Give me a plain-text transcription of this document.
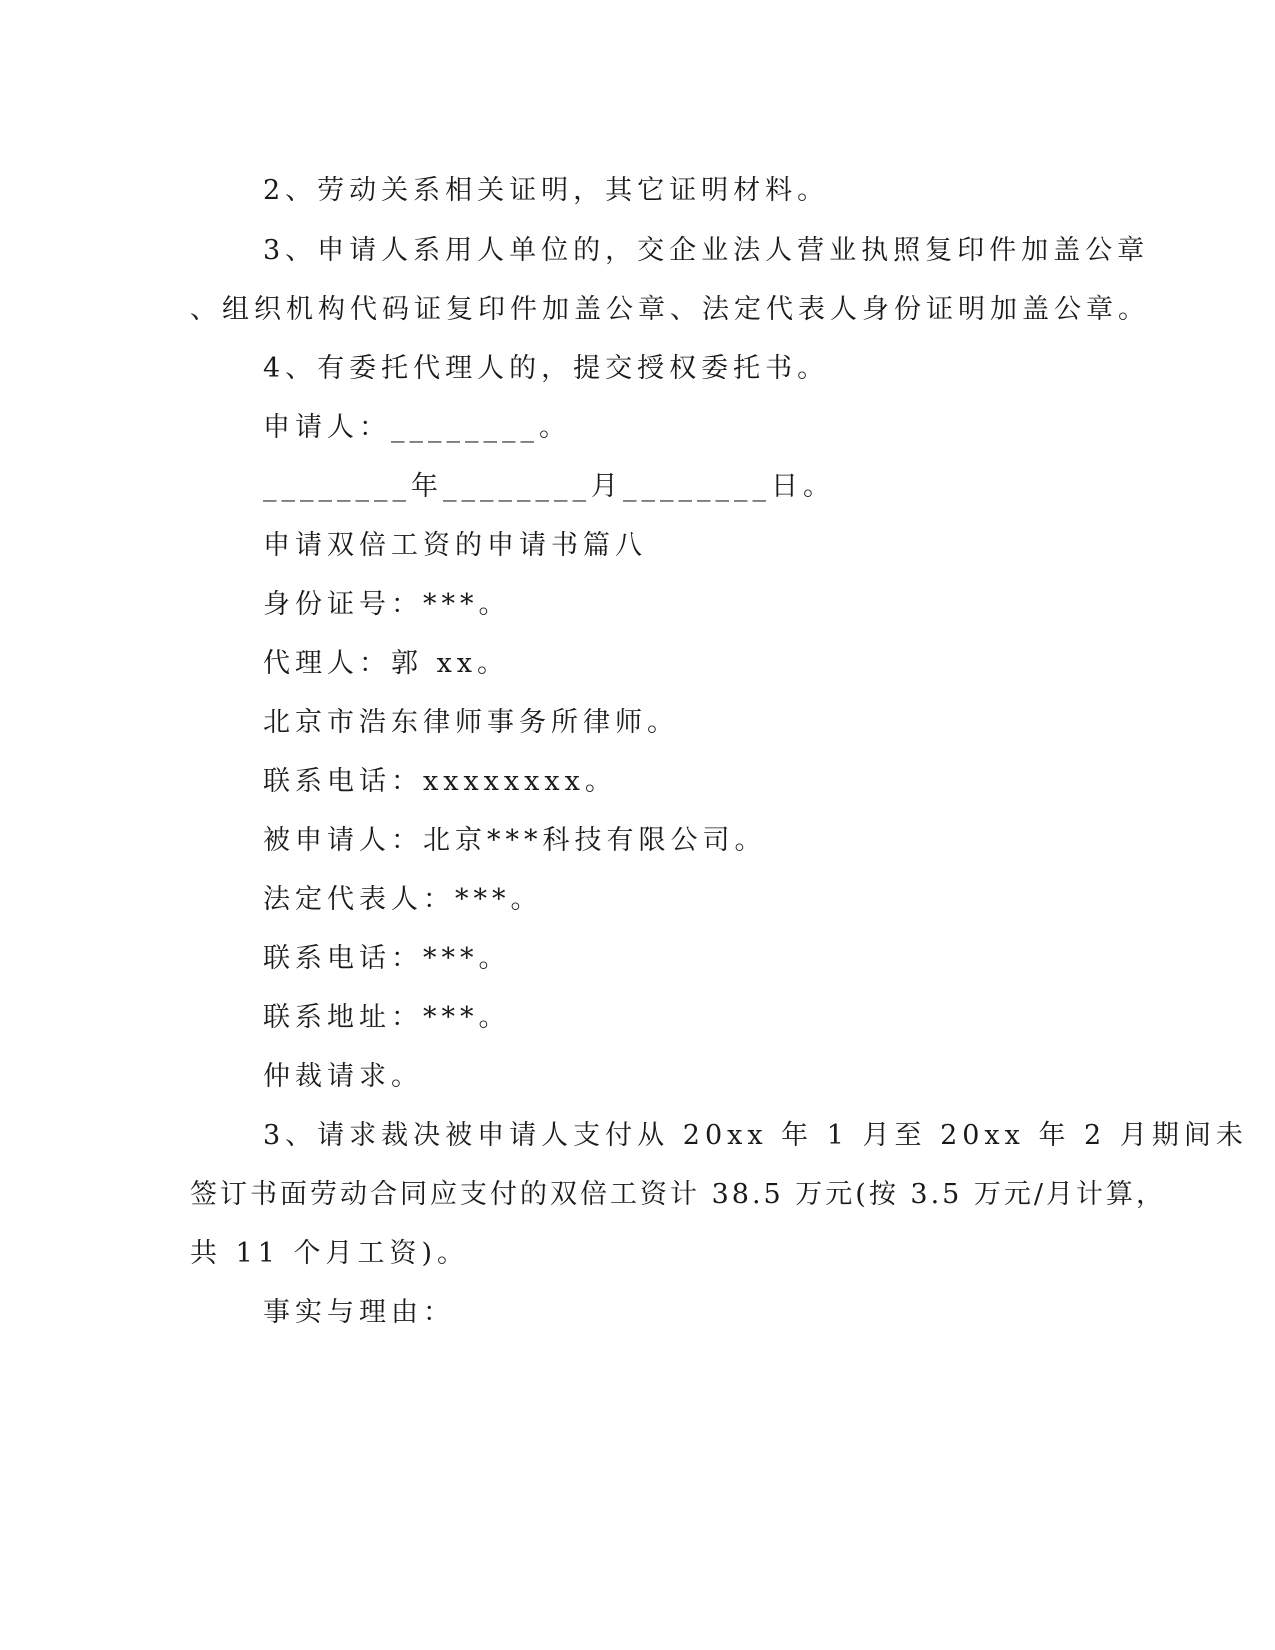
2、劳动关系相关证明，其它证明材料。
3、申请人系用人单位的，交企业法人营业执照复印件加盖公章
、组织机构代码证复印件加盖公章、法定代表人身份证明加盖公章。
4、有委托代理人的，提交授权委托书。
申请人：________。
________年________月________日。
申请双倍工资的申请书篇八
身份证号：***。
代理人：郭 xx。
北京市浩东律师事务所律师。
联系电话：xxxxxxxx。
被申请人：北京***科技有限公司。
法定代表人：***。
联系电话：***。
联系地址：***。
仲裁请求。
3、请求裁决被申请人支付从 20xx 年 1 月至 20xx 年 2 月期间未
签订书面劳动合同应支付的双倍工资计 38.5 万元(按 3.5 万元/月计算，
共 11 个月工资)。
事实与理由：
